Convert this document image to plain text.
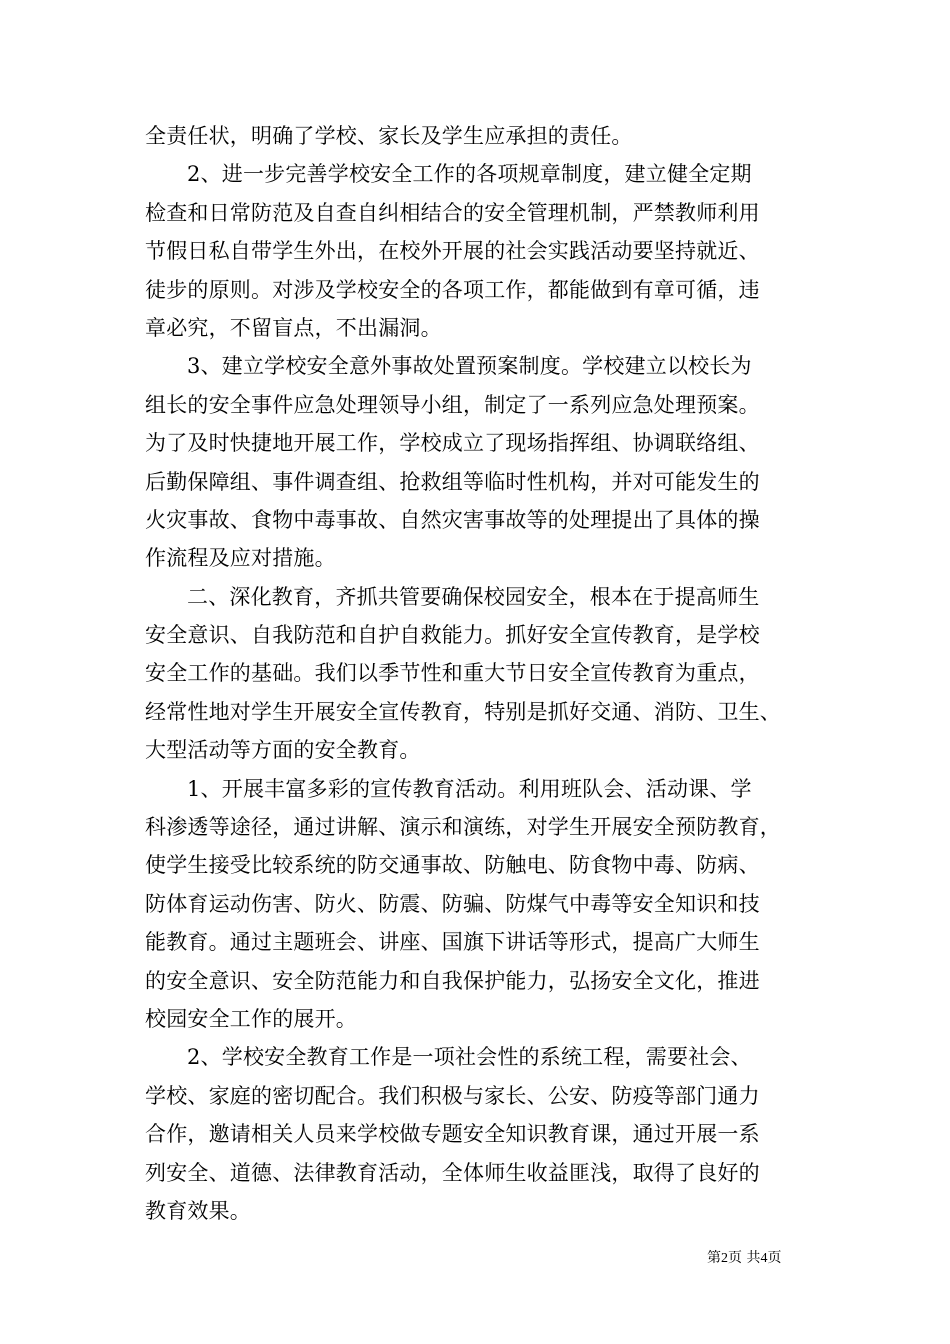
全责任状，明确了学校、家长及学生应承担的责任。
2、进一步完善学校安全工作的各项规章制度，建立健全定期
检查和日常防范及自查自纠相结合的安全管理机制，严禁教师利用
节假日私自带学生外出，在校外开展的社会实践活动要坚持就近、
徒步的原则。对涉及学校安全的各项工作，都能做到有章可循，违
章必究，不留盲点，不出漏洞。
3、建立学校安全意外事故处置预案制度。学校建立以校长为
组长的安全事件应急处理领导小组，制定了一系列应急处理预案。
为了及时快捷地开展工作，学校成立了现场指挥组、协调联络组、
后勤保障组、事件调查组、抢救组等临时性机构，并对可能发生的
火灾事故、食物中毒事故、自然灾害事故等的处理提出了具体的操
作流程及应对措施。
二、深化教育，齐抓共管要确保校园安全，根本在于提高师生
安全意识、自我防范和自护自救能力。抓好安全宣传教育，是学校
安全工作的基础。我们以季节性和重大节日安全宣传教育为重点，
经常性地对学生开展安全宣传教育，特别是抓好交通、消防、卫生、
大型活动等方面的安全教育。
1、开展丰富多彩的宣传教育活动。利用班队会、活动课、学
科渗透等途径，通过讲解、演示和演练，对学生开展安全预防教育，
使学生接受比较系统的防交通事故、防触电、防食物中毒、防病、
防体育运动伤害、防火、防震、防骗、防煤气中毒等安全知识和技
能教育。通过主题班会、讲座、国旗下讲话等形式，提高广大师生
的安全意识、安全防范能力和自我保护能力，弘扬安全文化，推进
校园安全工作的展开。
2、学校安全教育工作是一项社会性的系统工程，需要社会、
学校、家庭的密切配合。我们积极与家长、公安、防疫等部门通力
合作，邀请相关人员来学校做专题安全知识教育课，通过开展一系
列安全、道德、法律教育活动，全体师生收益匪浅，取得了良好的
教育效果。
第2页 共4页
